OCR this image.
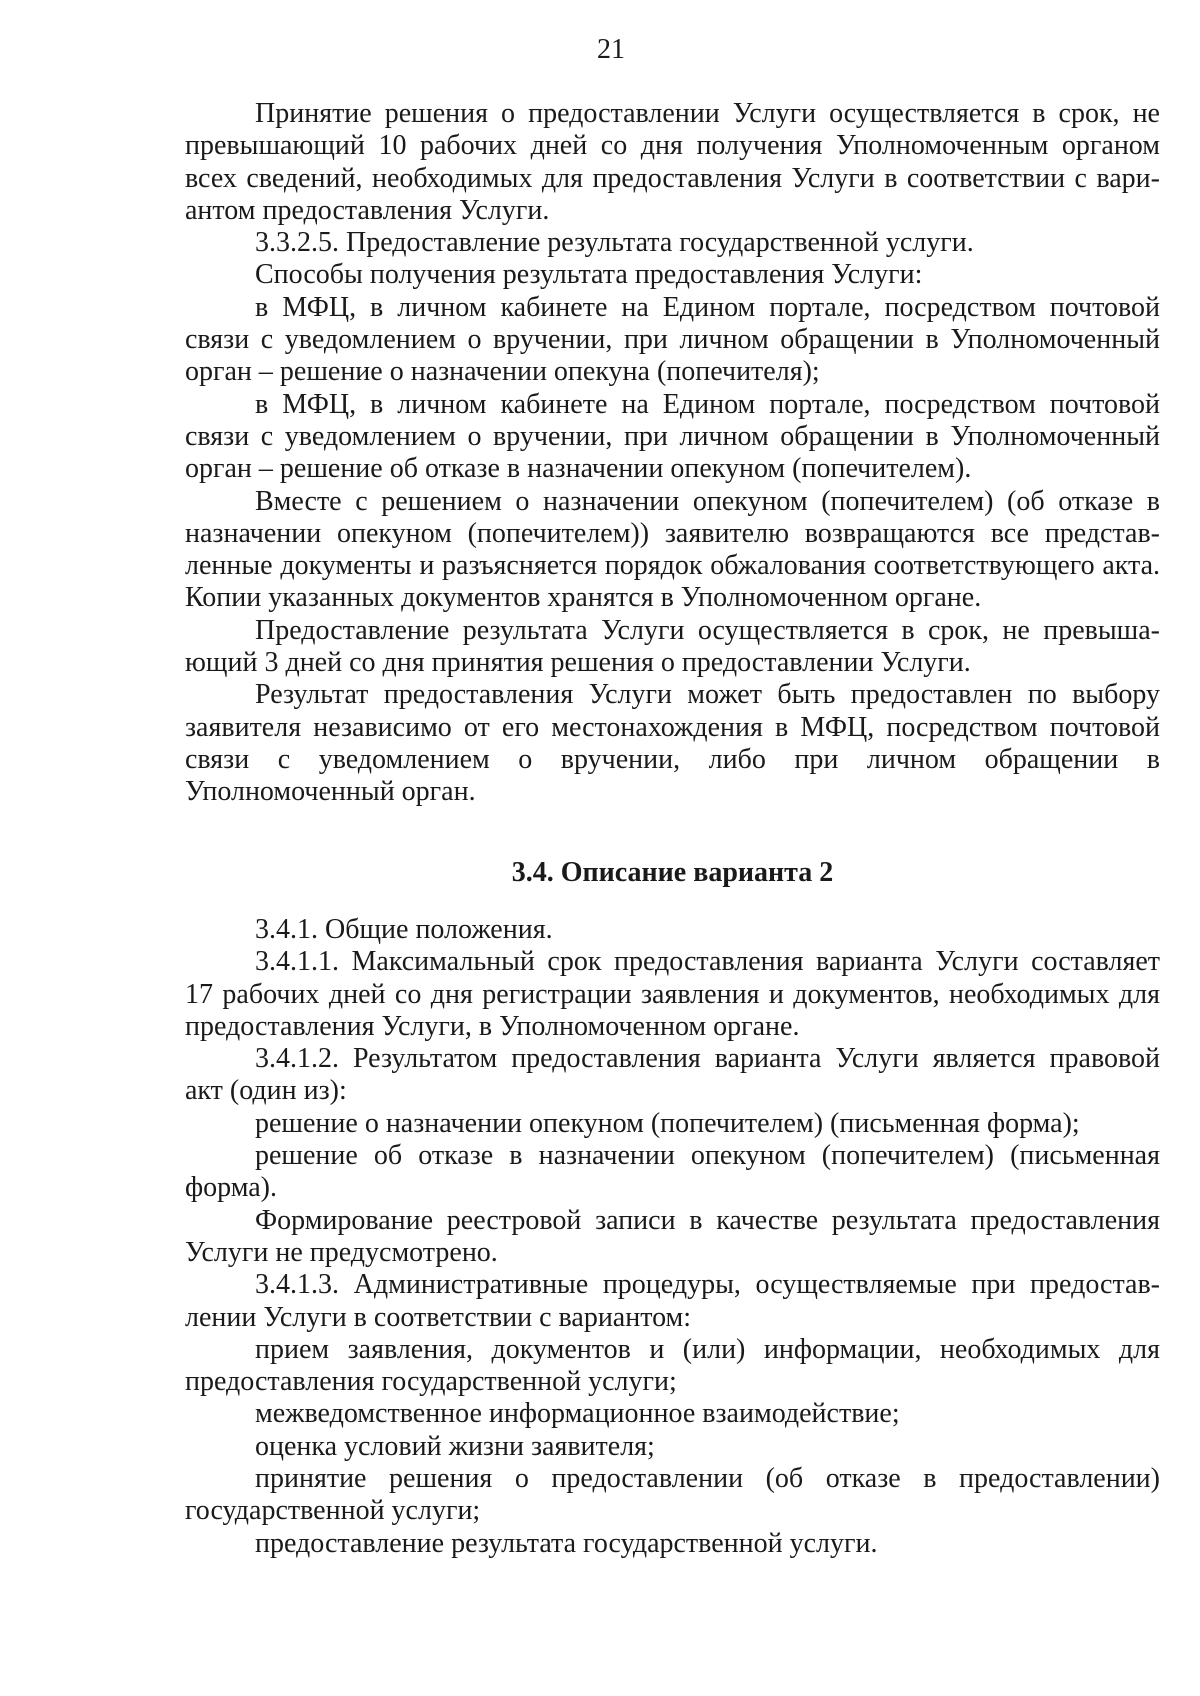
21

Принятие решения о предоставлении Услуги осуществляется в срок, не превышающий 10 рабочих дней со дня получения Уполномоченным органом всех сведений, необходимых для предоставления Услуги в соответствии с вариантом предоставления Услуги.

3.3.2.5. Предоставление результата государственной услуги.

Способы получения результата предоставления Услуги:

в МФЦ, в личном кабинете на Едином портале, посредством почтовой связи с уведомлением о вручении, при личном обращении в Уполномоченный орган – решение о назначении опекуна (попечителя);

в МФЦ, в личном кабинете на Едином портале, посредством почтовой связи с уведомлением о вручении, при личном обращении в Уполномоченный орган – решение об отказе в назначении опекуном (попечителем).

Вместе с решением о назначении опекуном (попечителем) (об отказе в назначении опекуном (попечителем)) заявителю возвращаются все представленные документы и разъясняется порядок обжалования соответствующего акта. Копии указанных документов хранятся в Уполномоченном органе.

Предоставление результата Услуги осуществляется в срок, не превышающий 3 дней со дня принятия решения о предоставлении Услуги.

Результат предоставления Услуги может быть предоставлен по выбору заявителя независимо от его местонахождения в МФЦ, посредством почтовой связи с уведомлением о вручении, либо при личном обращении в Уполномоченный орган.

3.4. Описание варианта 2

3.4.1. Общие положения.

3.4.1.1. Максимальный срок предоставления варианта Услуги составляет 17 рабочих дней со дня регистрации заявления и документов, необходимых для предоставления Услуги, в Уполномоченном органе.

3.4.1.2. Результатом предоставления варианта Услуги является правовой акт (один из):

решение о назначении опекуном (попечителем) (письменная форма);

решение об отказе в назначении опекуном (попечителем) (письменная форма).

Формирование реестровой записи в качестве результата предоставления Услуги не предусмотрено.

3.4.1.3. Административные процедуры, осуществляемые при предоставлении Услуги в соответствии с вариантом:

прием заявления, документов и (или) информации, необходимых для предоставления государственной услуги;

межведомственное информационное взаимодействие;

оценка условий жизни заявителя;

принятие решения о предоставлении (об отказе в предоставлении) государственной услуги;

предоставление результата государственной услуги.
